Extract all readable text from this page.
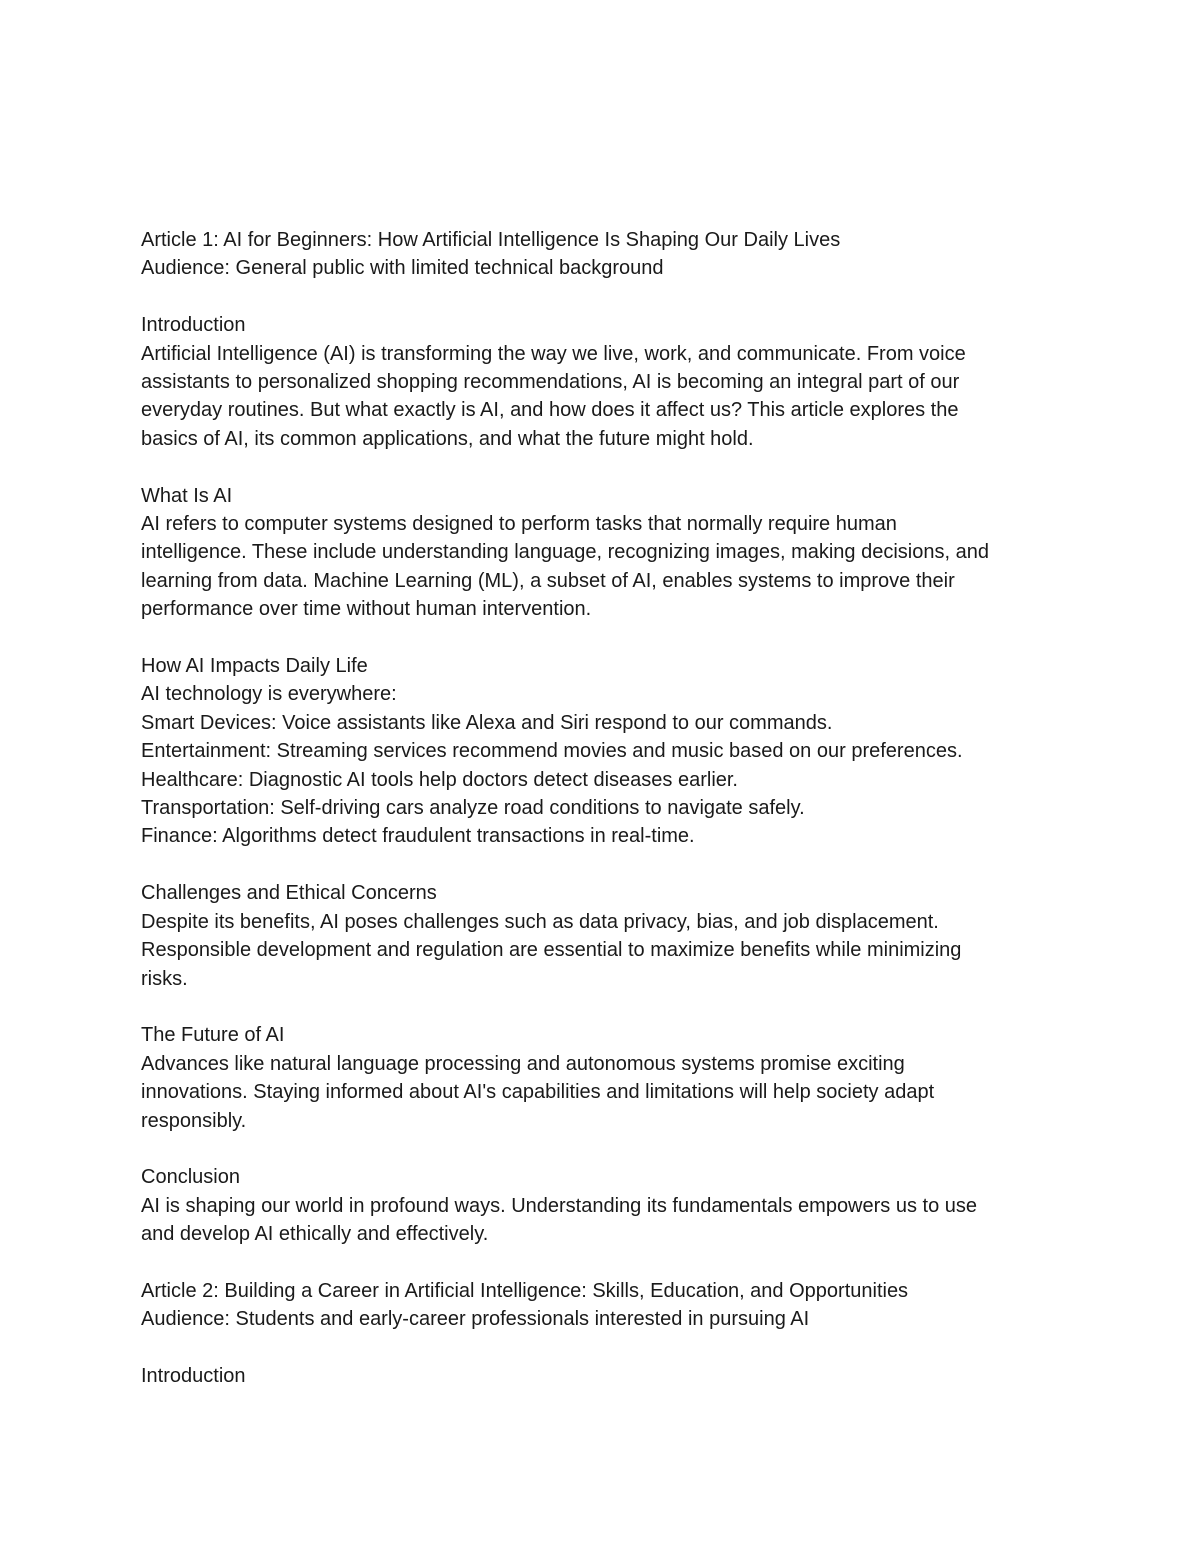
Article 1: AI for Beginners: How Artificial Intelligence Is Shaping Our Daily Lives
Audience: General public with limited technical background
Introduction
Artificial Intelligence (AI) is transforming the way we live, work, and communicate. From voice
assistants to personalized shopping recommendations, AI is becoming an integral part of our
everyday routines. But what exactly is AI, and how does it affect us? This article explores the
basics of AI, its common applications, and what the future might hold.
What Is AI
AI refers to computer systems designed to perform tasks that normally require human
intelligence. These include understanding language, recognizing images, making decisions, and
learning from data. Machine Learning (ML), a subset of AI, enables systems to improve their
performance over time without human intervention.
How AI Impacts Daily Life
AI technology is everywhere:
Smart Devices: Voice assistants like Alexa and Siri respond to our commands.
Entertainment: Streaming services recommend movies and music based on our preferences.
Healthcare: Diagnostic AI tools help doctors detect diseases earlier.
Transportation: Self-driving cars analyze road conditions to navigate safely.
Finance: Algorithms detect fraudulent transactions in real-time.
Challenges and Ethical Concerns
Despite its benefits, AI poses challenges such as data privacy, bias, and job displacement.
Responsible development and regulation are essential to maximize benefits while minimizing
risks.
The Future of AI
Advances like natural language processing and autonomous systems promise exciting
innovations. Staying informed about AI's capabilities and limitations will help society adapt
responsibly.
Conclusion
AI is shaping our world in profound ways. Understanding its fundamentals empowers us to use
and develop AI ethically and effectively.
Article 2: Building a Career in Artificial Intelligence: Skills, Education, and Opportunities
Audience: Students and early-career professionals interested in pursuing AI
Introduction
